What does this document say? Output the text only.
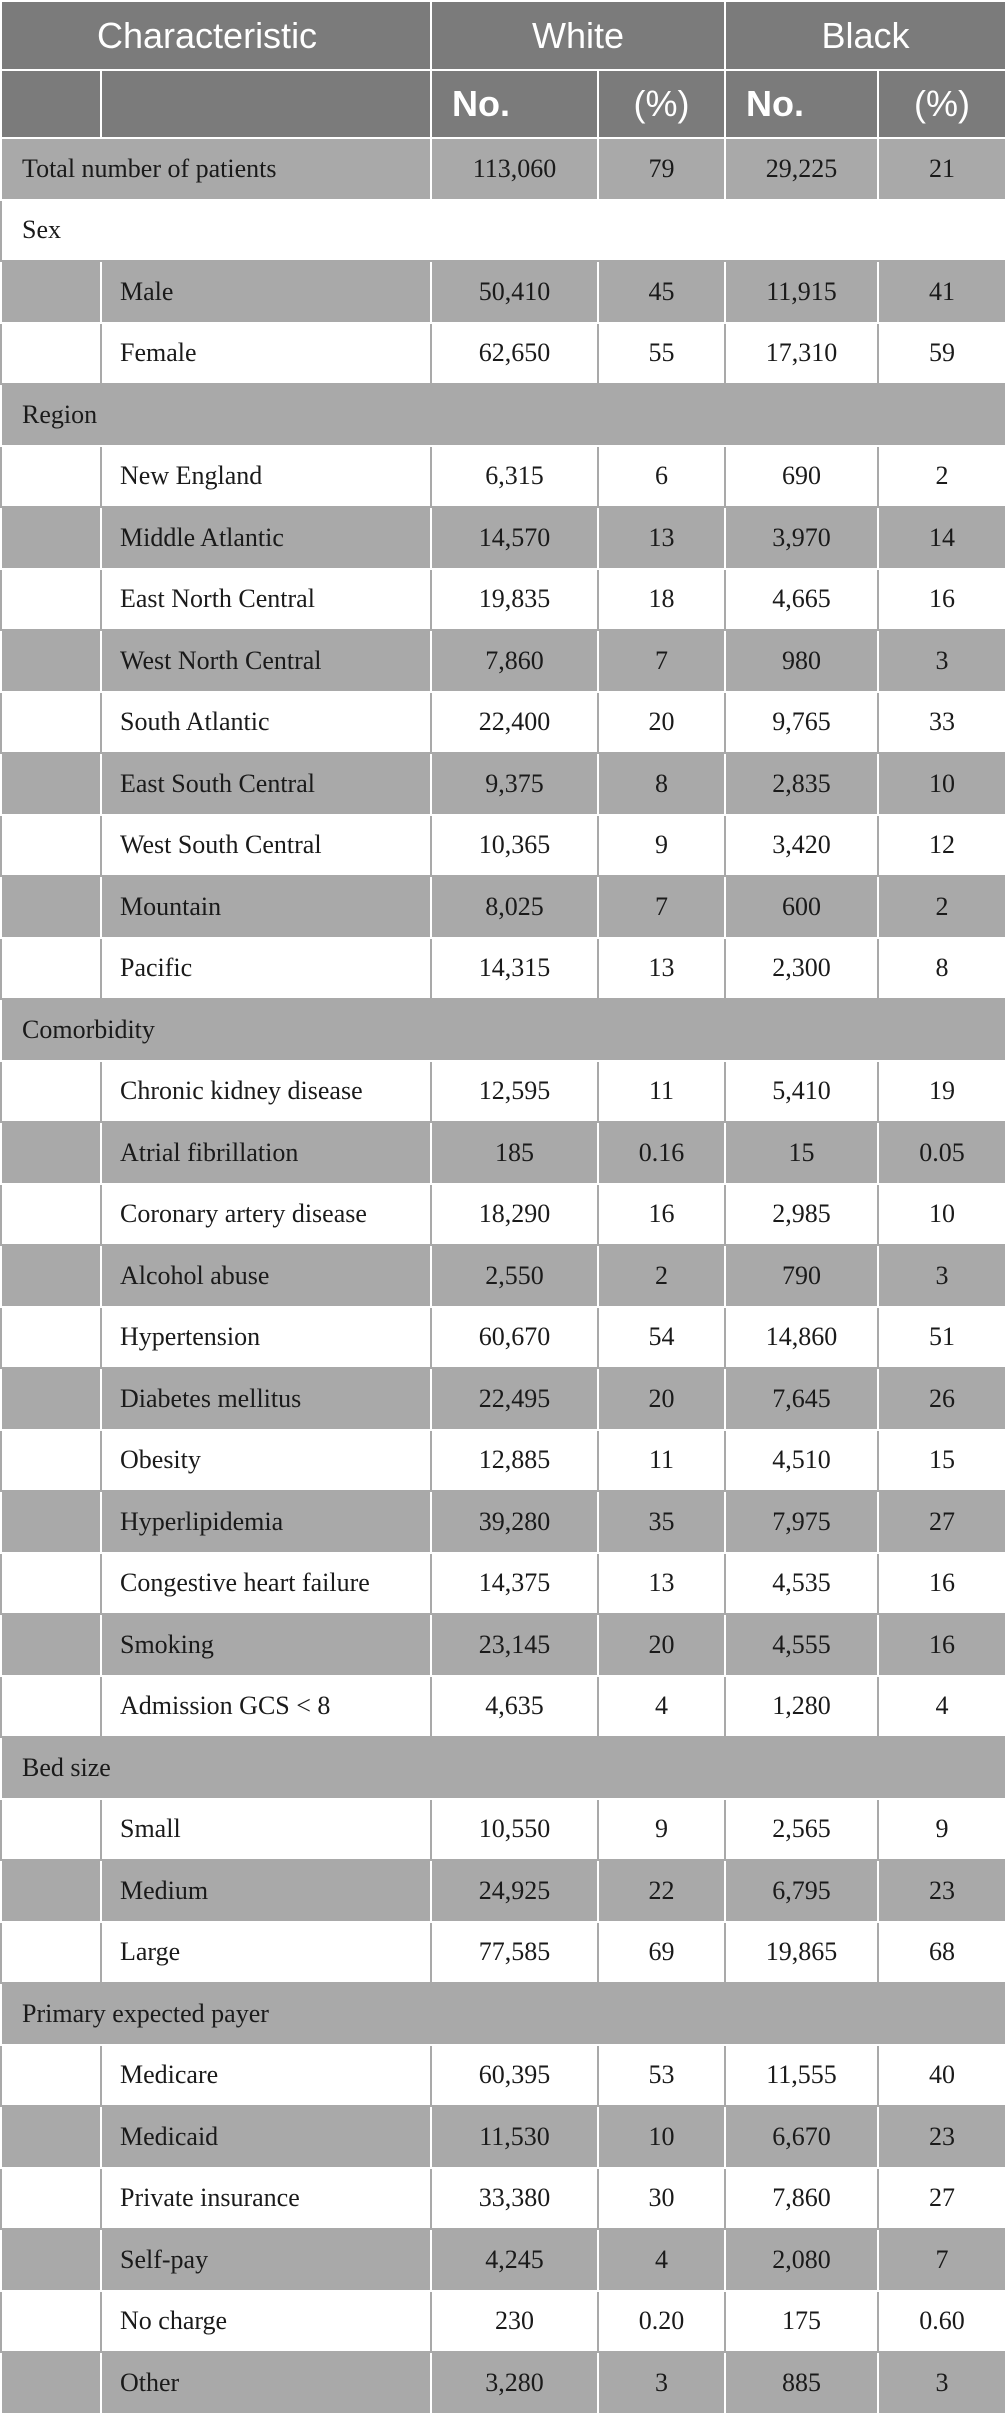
Characteristic		White		Black	
		No.	(%)	No.	(%)
Total number of patients		113,060	79	29,225	21
Sex					
	Male	50,410	45	11,915	41
	Female	62,650	55	17,310	59
Region					
	New England	6,315	6	690	2
	Middle Atlantic	14,570	13	3,970	14
	East North Central	19,835	18	4,665	16
	West North Central	7,860	7	980	3
	South Atlantic	22,400	20	9,765	33
	East South Central	9,375	8	2,835	10
	West South Central	10,365	9	3,420	12
	Mountain	8,025	7	600	2
	Pacific	14,315	13	2,300	8
Comorbidity					
	Chronic kidney disease	12,595	11	5,410	19
	Atrial fibrillation	185	0.16	15	0.05
	Coronary artery disease	18,290	16	2,985	10
	Alcohol abuse	2,550	2	790	3
	Hypertension	60,670	54	14,860	51
	Diabetes mellitus	22,495	20	7,645	26
	Obesity	12,885	11	4,510	15
	Hyperlipidemia	39,280	35	7,975	27
	Congestive heart failure	14,375	13	4,535	16
	Smoking	23,145	20	4,555	16
	Admission GCS < 8	4,635	4	1,280	4
Bed size					
	Small	10,550	9	2,565	9
	Medium	24,925	22	6,795	23
	Large	77,585	69	19,865	68
Primary expected payer					
	Medicare	60,395	53	11,555	40
	Medicaid	11,530	10	6,670	23
	Private insurance	33,380	30	7,860	27
	Self-pay	4,245	4	2,080	7
	No charge	230	0.20	175	0.60
	Other	3,280	3	885	3
